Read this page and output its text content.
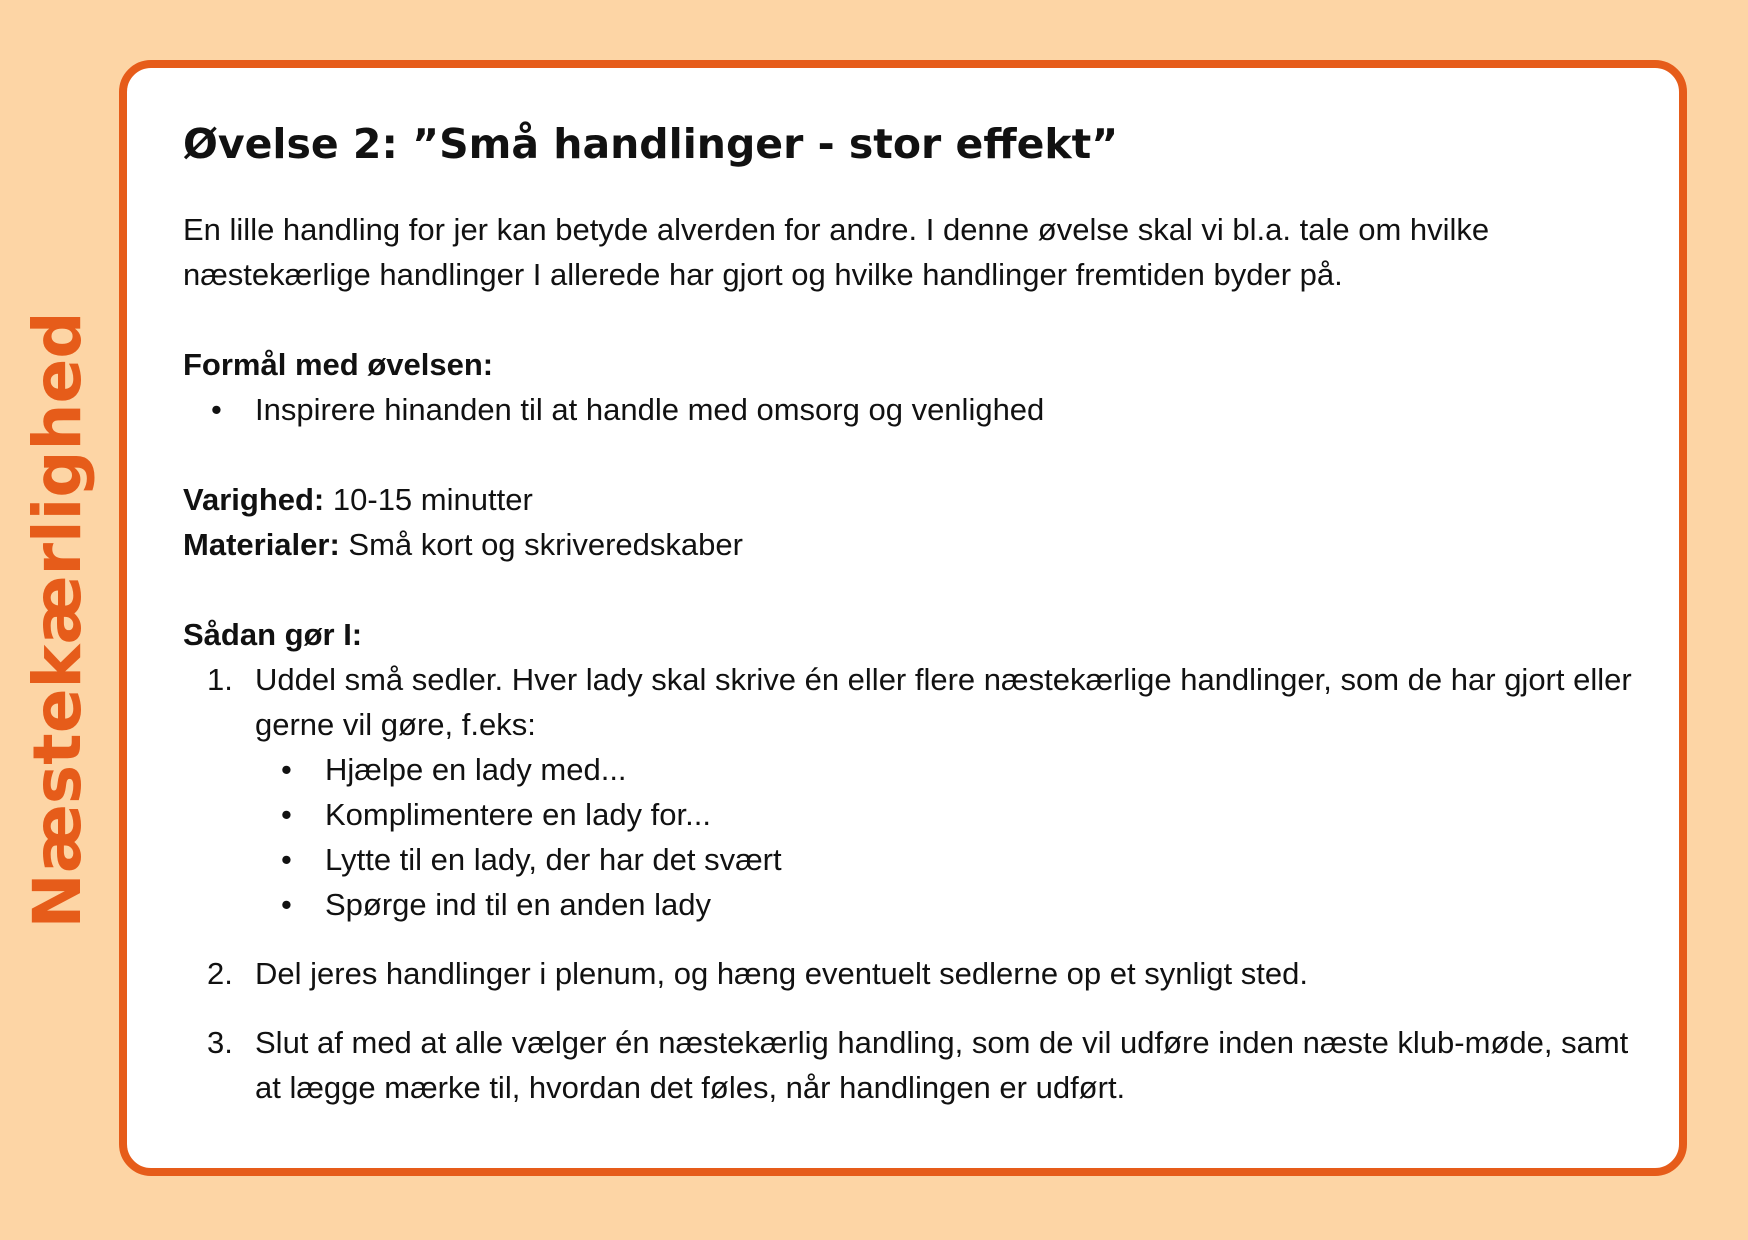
Næstekærlighed
Øvelse 2: ”Små handlinger - stor effekt”

En lille handling for jer kan betyde alverden for andre. I denne øvelse skal vi bl.a. tale om hvilke næstekærlige handlinger I allerede har gjort og hvilke handlinger fremtiden byder på.

Formål med øvelsen:
• Inspirere hinanden til at handle med omsorg og venlighed
Varighed: 10-15 minutter
Materialer: Små kort og skriveredskaber
Sådan gør I:
1. Uddel små sedler. Hver lady skal skrive én eller flere næstekærlige handlinger, som de har gjort eller gerne vil gøre, f.eks:
• Hjælpe en lady med...
• Komplimentere en lady for...
• Lytte til en lady, der har det svært
• Spørge ind til en anden lady
2. Del jeres handlinger i plenum, og hæng eventuelt sedlerne op et synligt sted.
3. Slut af med at alle vælger én næstekærlig handling, som de vil udføre inden næste klub-møde, samt at lægge mærke til, hvordan det føles, når handlingen er udført.
